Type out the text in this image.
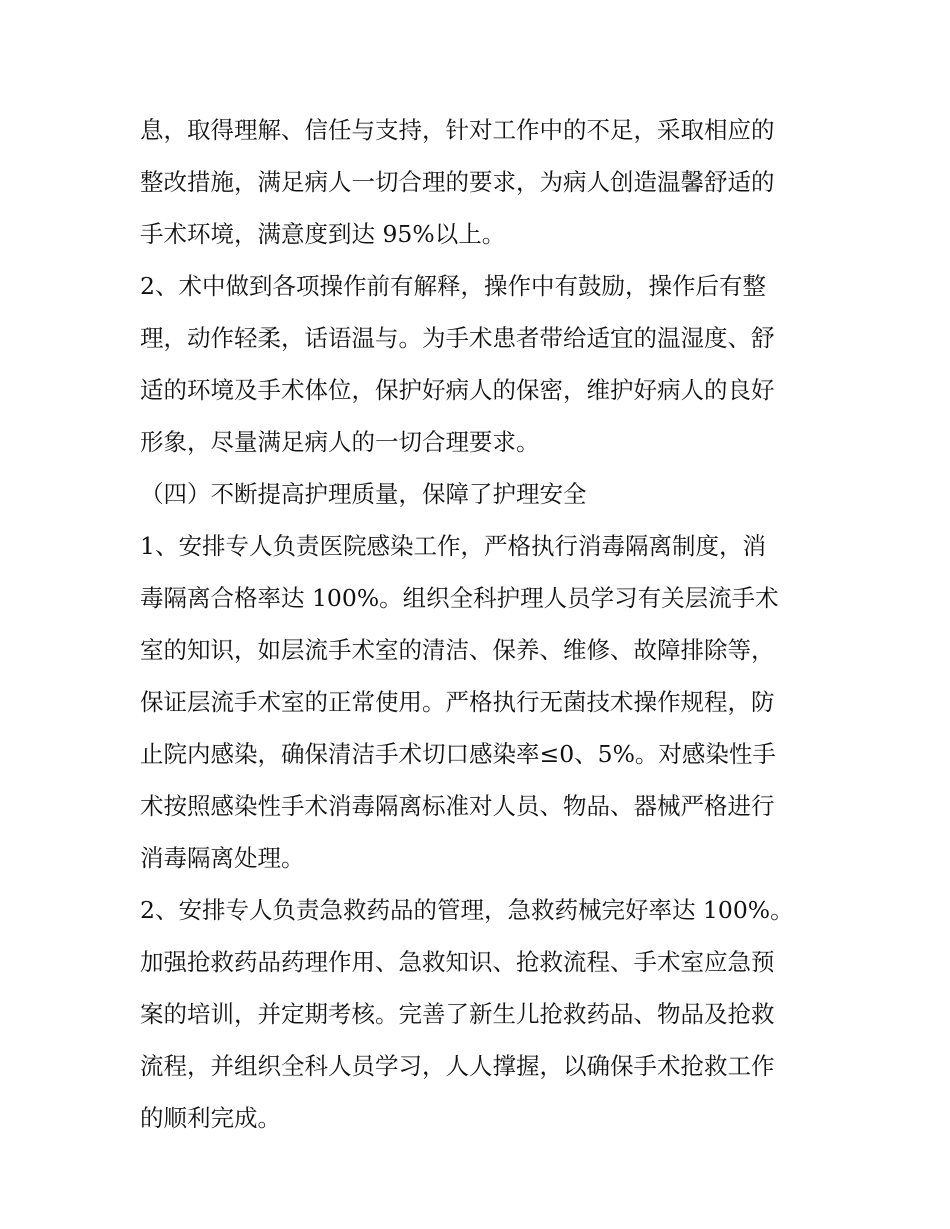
息，取得理解、信任与支持，针对工作中的不足，采取相应的
整改措施，满足病人一切合理的要求，为病人创造温馨舒适的
手术环境，满意度到达 95%以上。
2、术中做到各项操作前有解释，操作中有鼓励，操作后有整
理，动作轻柔，话语温与。为手术患者带给适宜的温湿度、舒
适的环境及手术体位，保护好病人的保密，维护好病人的良好
形象，尽量满足病人的一切合理要求。
（四）不断提高护理质量，保障了护理安全
1、安排专人负责医院感染工作，严格执行消毒隔离制度，消
毒隔离合格率达 100%。组织全科护理人员学习有关层流手术
室的知识，如层流手术室的清洁、保养、维修、故障排除等，
保证层流手术室的正常使用。严格执行无菌技术操作规程，防
止院内感染，确保清洁手术切口感染率≤0、5%。对感染性手
术按照感染性手术消毒隔离标准对人员、物品、器械严格进行
消毒隔离处理。
2、安排专人负责急救药品的管理，急救药械完好率达 100%。
加强抢救药品药理作用、急救知识、抢救流程、手术室应急预
案的培训，并定期考核。完善了新生儿抢救药品、物品及抢救
流程，并组织全科人员学习，人人撑握，以确保手术抢救工作
的顺利完成。
